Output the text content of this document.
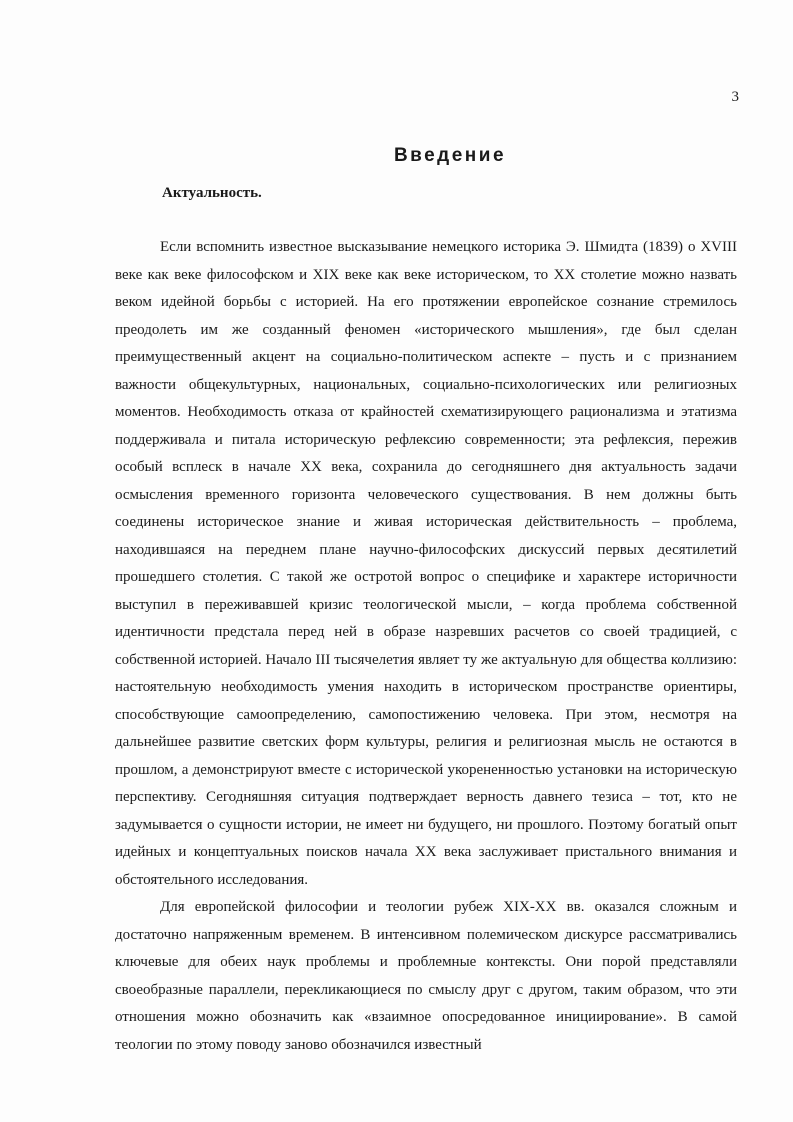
3
Введение
Актуальность.

Если вспомнить известное высказывание немецкого историка Э. Шмидта (1839) о XVIII веке как веке философском и XIX веке как веке историческом, то XX столетие можно назвать веком идейной борьбы с историей. На его протяжении европейское сознание стремилось преодолеть им же созданный феномен «исторического мышления», где был сделан преимущественный акцент на социально-политическом аспекте – пусть и с признанием важности общекультурных, национальных, социально-психологических или религиозных моментов. Необходимость отказа от крайностей схематизирующего рационализма и этатизма поддерживала и питала историческую рефлексию современности; эта рефлексия, пережив особый всплеск в начале XX века, сохранила до сегодняшнего дня актуальность задачи осмысления временного горизонта человеческого существования. В нем должны быть соединены историческое знание и живая историческая действительность – проблема, находившаяся на переднем плане научно-философских дискуссий первых десятилетий прошедшего столетия. С такой же остротой вопрос о специфике и характере историчности выступил в переживавшей кризис теологической мысли, – когда проблема собственной идентичности предстала перед ней в образе назревших расчетов со своей традицией, с собственной историей. Начало III тысячелетия являет ту же актуальную для общества коллизию: настоятельную необходимость умения находить в историческом пространстве ориентиры, способствующие самоопределению, самопостижению человека. При этом, несмотря на дальнейшее развитие светских форм культуры, религия и религиозная мысль не остаются в прошлом, а демонстрируют вместе с исторической укорененностью установки на историческую перспективу. Сегодняшняя ситуация подтверждает верность давнего тезиса – тот, кто не задумывается о сущности истории, не имеет ни будущего, ни прошлого. Поэтому богатый опыт идейных и концептуальных поисков начала XX века заслуживает пристального внимания и обстоятельного исследования.

Для европейской философии и теологии рубеж XIX-XX вв. оказался сложным и достаточно напряженным временем. В интенсивном полемическом дискурсе рассматривались ключевые для обеих наук проблемы и проблемные контексты. Они порой представляли своеобразные параллели, перекликающиеся по смыслу друг с другом, таким образом, что эти отношения можно обозначить как «взаимное опосредованное инициирование». В самой теологии по этому поводу заново обозначился известный
